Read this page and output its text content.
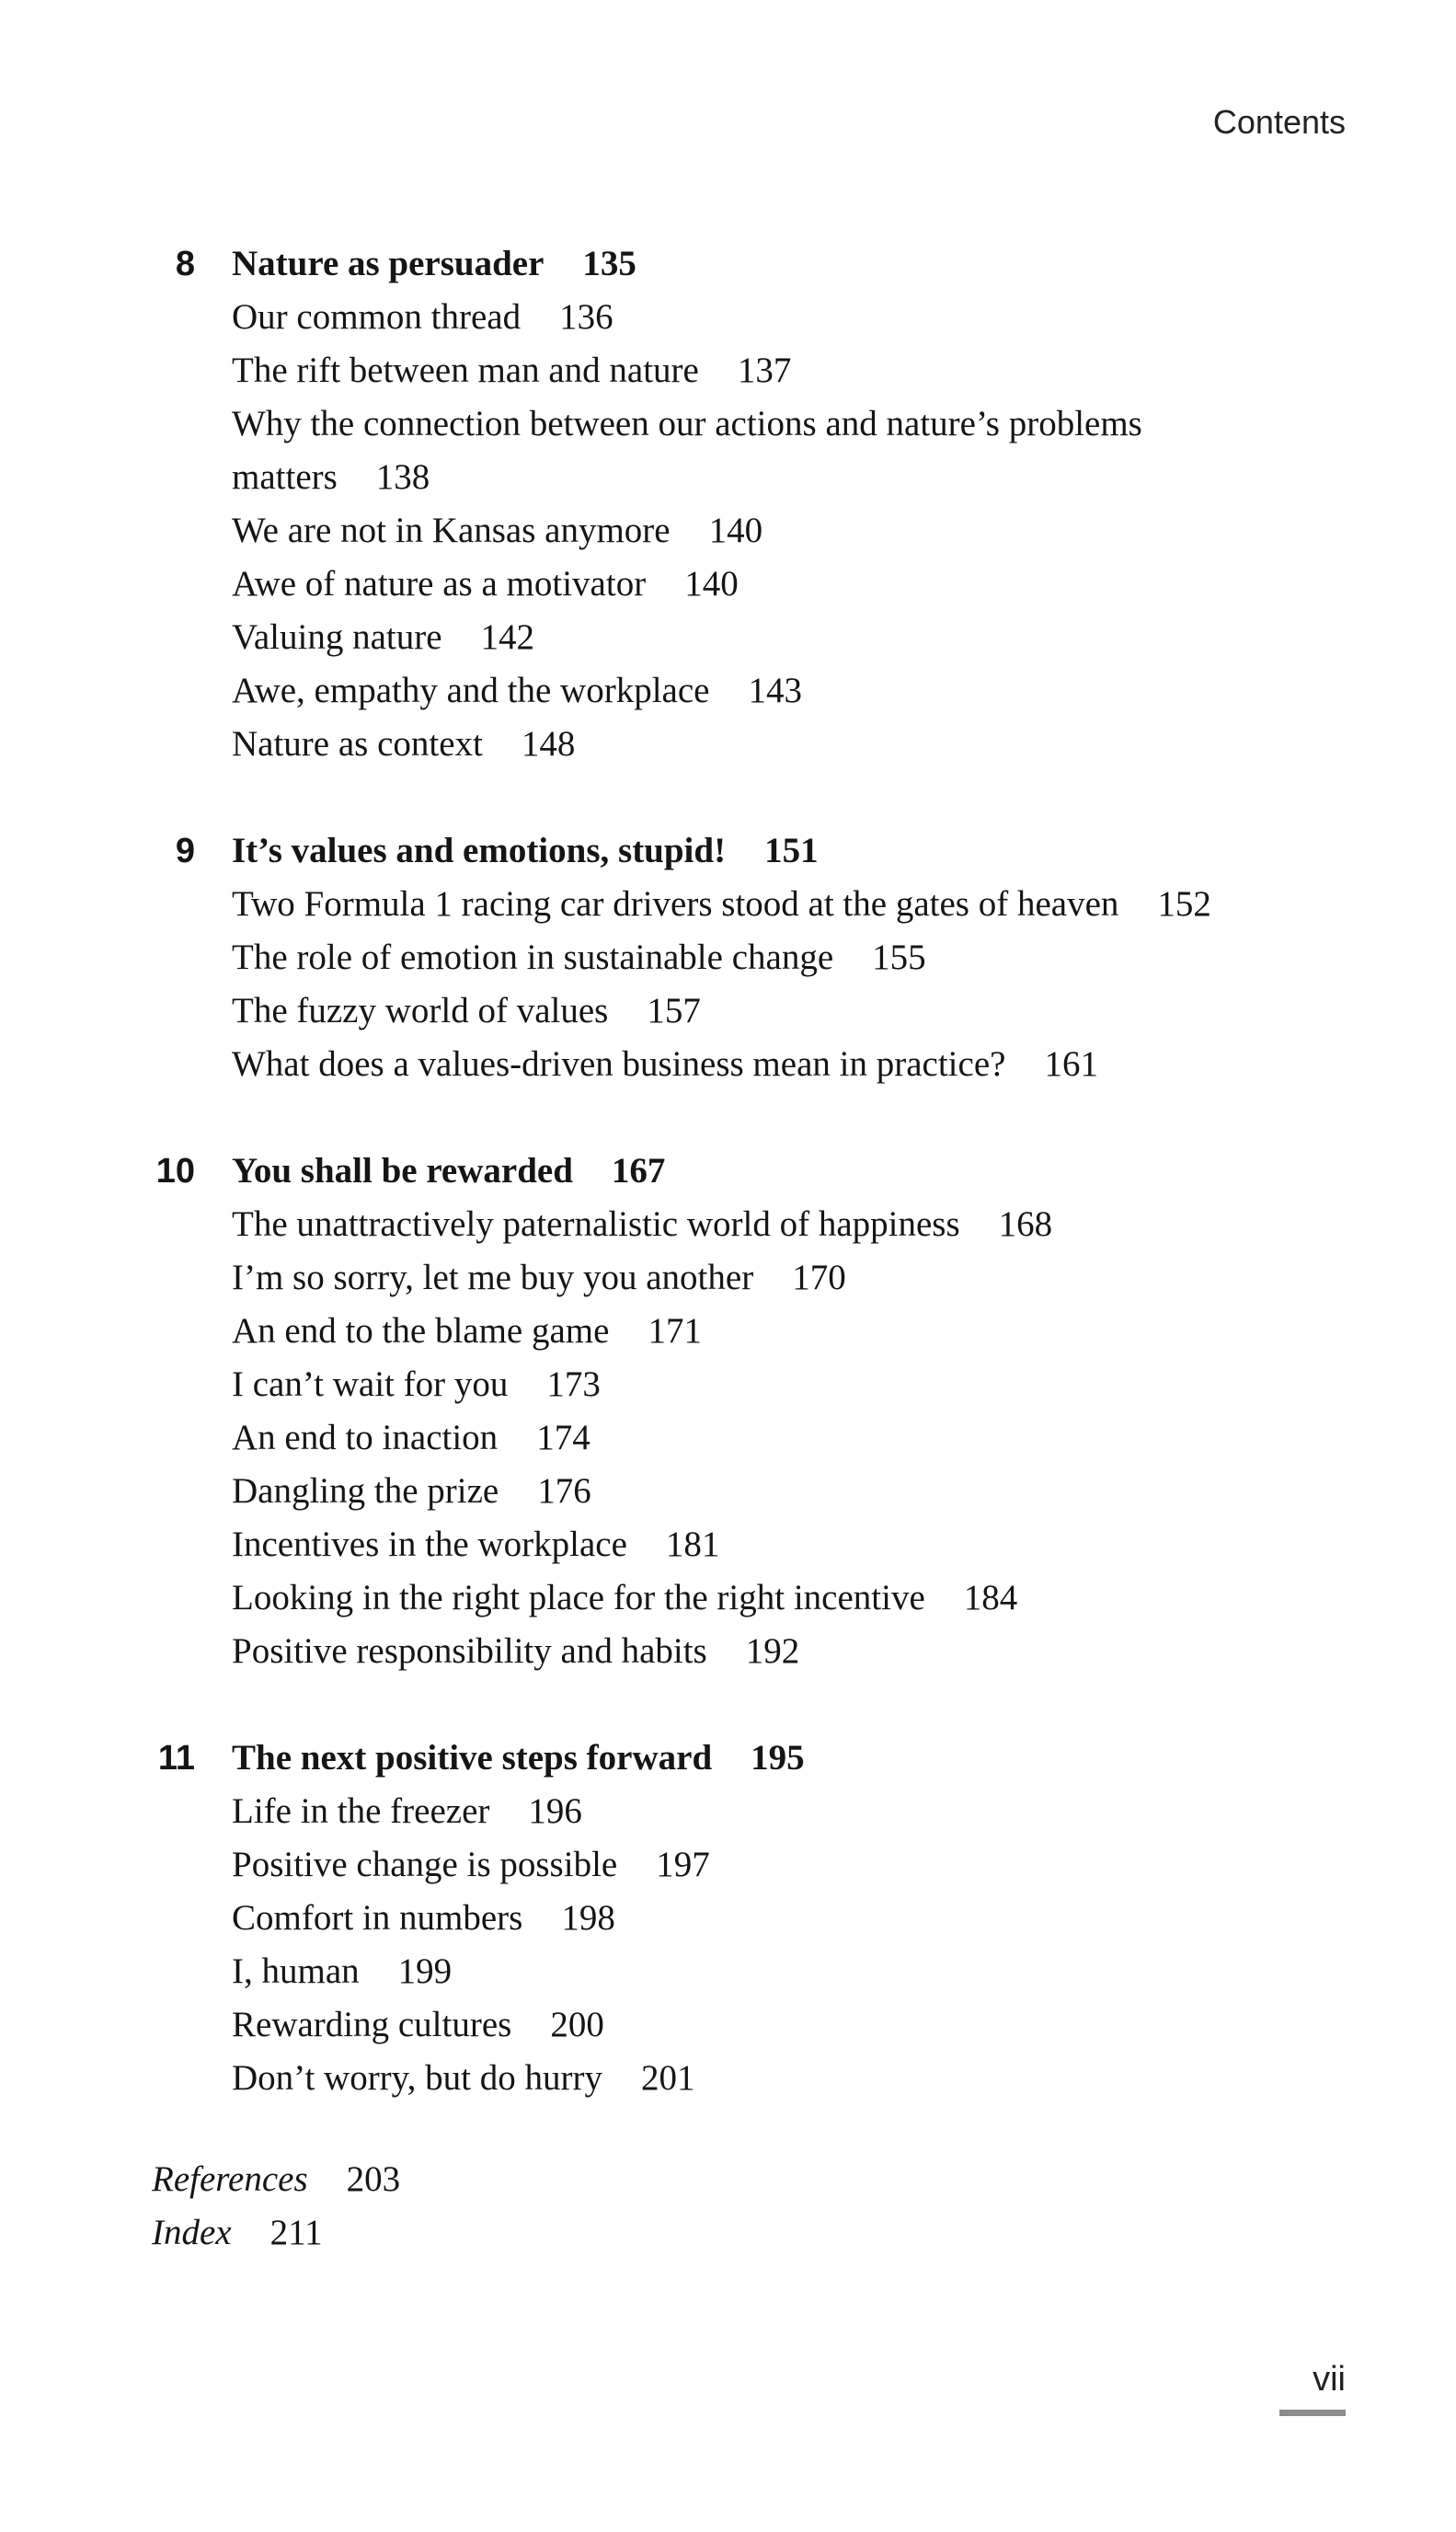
Contents
8 Nature as persuader 135
Our common thread 136
The rift between man and nature 137
Why the connection between our actions and nature’s problems matters 138
We are not in Kansas anymore 140
Awe of nature as a motivator 140
Valuing nature 142
Awe, empathy and the workplace 143
Nature as context 148
9 It’s values and emotions, stupid! 151
Two Formula 1 racing car drivers stood at the gates of heaven 152
The role of emotion in sustainable change 155
The fuzzy world of values 157
What does a values-driven business mean in practice? 161
10 You shall be rewarded 167
The unattractively paternalistic world of happiness 168
I’m so sorry, let me buy you another 170
An end to the blame game 171
I can’t wait for you 173
An end to inaction 174
Dangling the prize 176
Incentives in the workplace 181
Looking in the right place for the right incentive 184
Positive responsibility and habits 192
11 The next positive steps forward 195
Life in the freezer 196
Positive change is possible 197
Comfort in numbers 198
I, human 199
Rewarding cultures 200
Don’t worry, but do hurry 201
References 203
Index 211
vii
